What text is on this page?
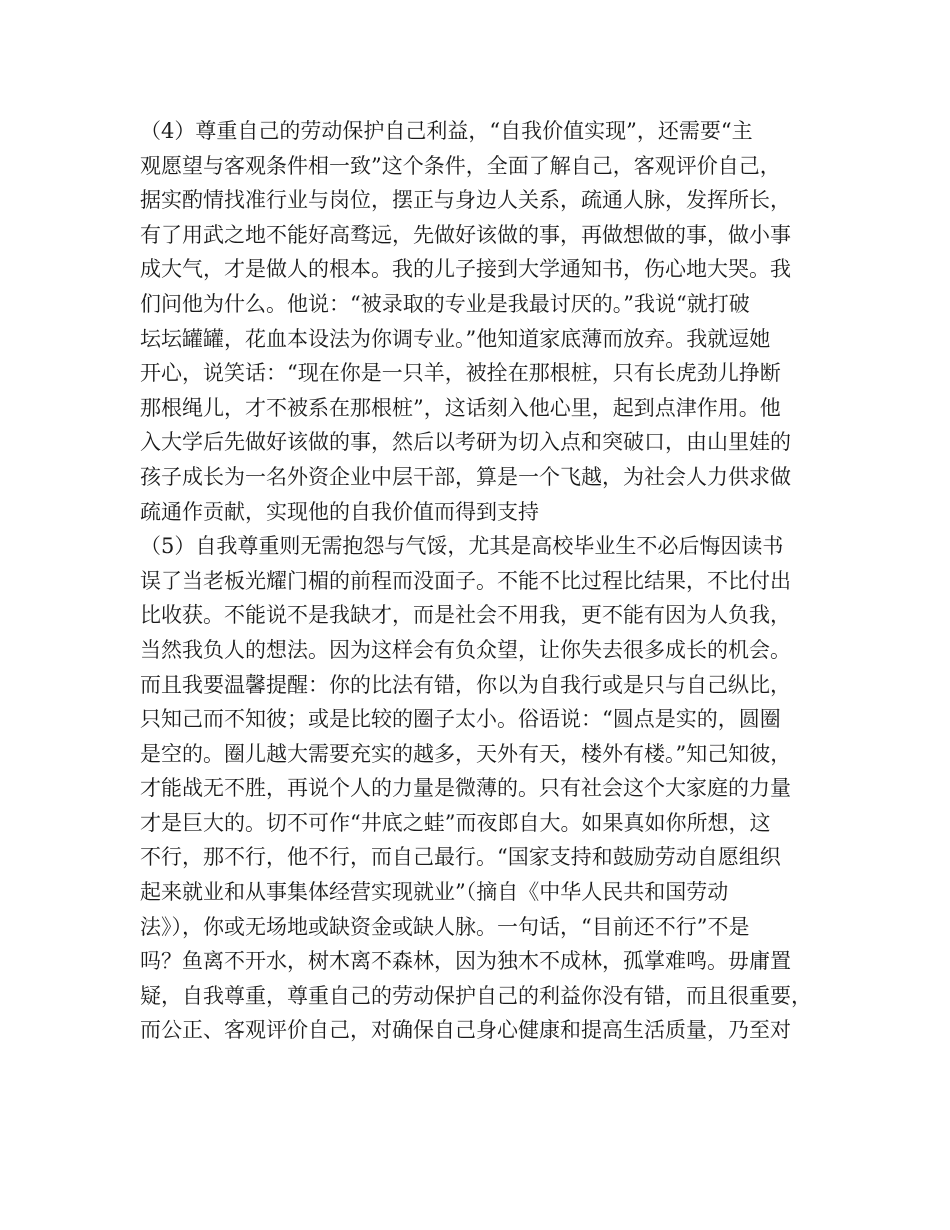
（4）尊重自己的劳动保护自己利益，“自我价值实现”，还需要“主
观愿望与客观条件相一致”这个条件，全面了解自己，客观评价自己，
据实酌情找准行业与岗位，摆正与身边人关系，疏通人脉，发挥所长，
有了用武之地不能好高骛远，先做好该做的事，再做想做的事，做小事
成大气，才是做人的根本。我的儿子接到大学通知书，伤心地大哭。我
们问他为什么。他说：“被录取的专业是我最讨厌的。”我说“就打破
坛坛罐罐，花血本设法为你调专业。”他知道家底薄而放弃。我就逗她
开心，说笑话：“现在你是一只羊，被拴在那根桩，只有长虎劲儿挣断
那根绳儿，才不被系在那根桩”，这话刻入他心里，起到点津作用。他
入大学后先做好该做的事，然后以考研为切入点和突破口，由山里娃的
孩子成长为一名外资企业中层干部，算是一个飞越，为社会人力供求做
疏通作贡献，实现他的自我价值而得到支持
（5）自我尊重则无需抱怨与气馁，尤其是高校毕业生不必后悔因读书
误了当老板光耀门楣的前程而没面子。不能不比过程比结果，不比付出
比收获。不能说不是我缺才，而是社会不用我，更不能有因为人负我，
当然我负人的想法。因为这样会有负众望，让你失去很多成长的机会。
而且我要温馨提醒：你的比法有错，你以为自我行或是只与自己纵比，
只知己而不知彼；或是比较的圈子太小。俗语说：“圆点是实的，圆圈
是空的。圈儿越大需要充实的越多，天外有天，楼外有楼。”知己知彼，
才能战无不胜，再说个人的力量是微薄的。只有社会这个大家庭的力量
才是巨大的。切不可作“井底之蛙”而夜郎自大。如果真如你所想，这
不行，那不行，他不行，而自己最行。“国家支持和鼓励劳动自愿组织
起来就业和从事集体经营实现就业”（摘自《中华人民共和国劳动
法》），你或无场地或缺资金或缺人脉。一句话，“目前还不行”不是
吗？鱼离不开水，树木离不森林，因为独木不成林，孤掌难鸣。毋庸置
疑，自我尊重，尊重自己的劳动保护自己的利益你没有错，而且很重要，
而公正、客观评价自己，对确保自己身心健康和提高生活质量，乃至对
